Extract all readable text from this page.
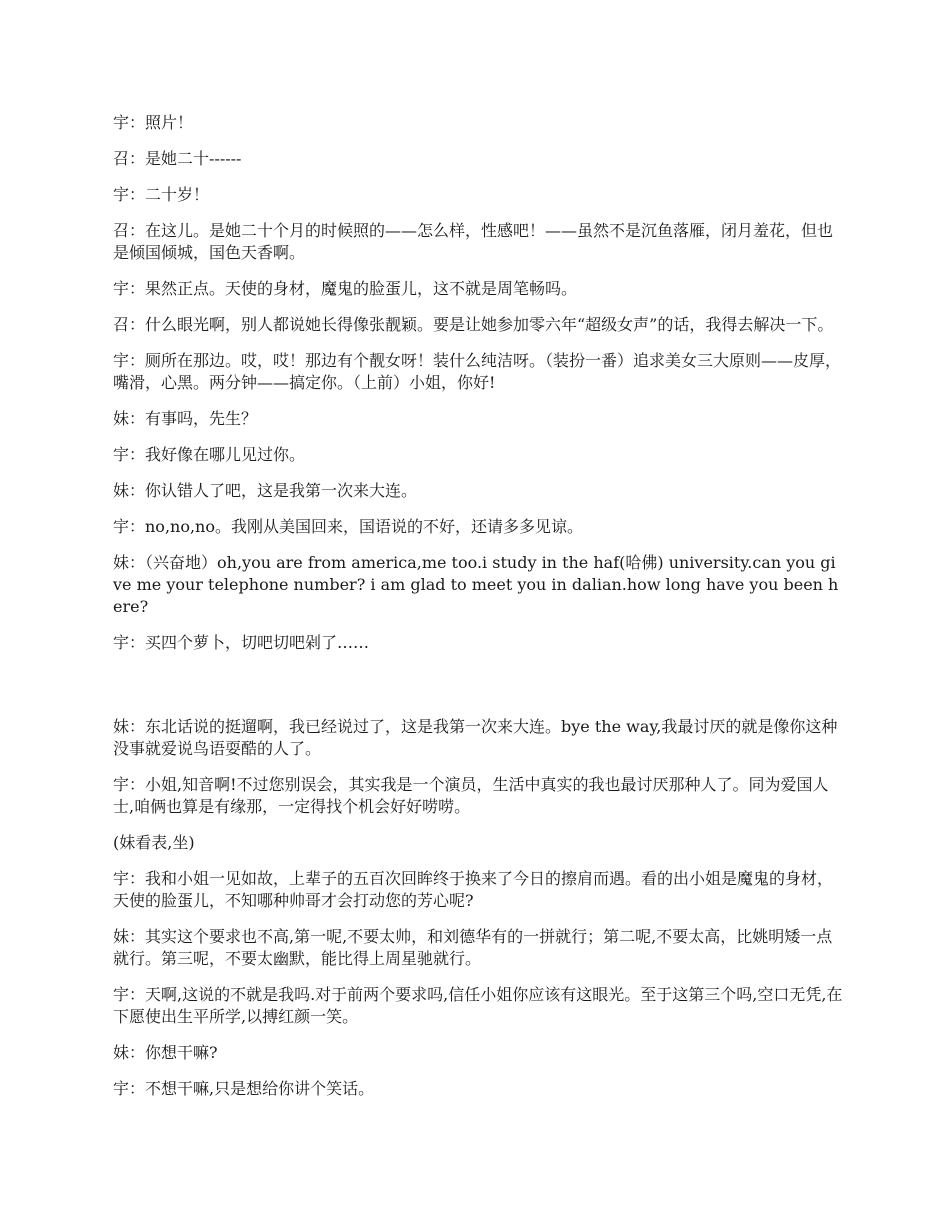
宇：照片！

召：是她二十------

宇：二十岁！

召：在这儿。是她二十个月的时候照的——怎么样，性感吧！——虽然不是沉鱼落雁，闭月羞花，但也是倾国倾城，国色天香啊。

宇：果然正点。天使的身材，魔鬼的脸蛋儿，这不就是周笔畅吗。

召：什么眼光啊，别人都说她长得像张靓颖。要是让她参加零六年“超级女声”的话，我得去解决一下。

宇：厕所在那边。哎，哎！那边有个靓女呀！装什么纯洁呀。（装扮一番）追求美女三大原则——皮厚，嘴滑，心黑。两分钟——搞定你。（上前）小姐，你好!

妹：有事吗，先生？

宇：我好像在哪儿见过你。

妹：你认错人了吧，这是我第一次来大连。

宇：no,no,no。我刚从美国回来，国语说的不好，还请多多见谅。

妹：（兴奋地）oh,you are from america,me too.i study in the haf(哈佛) university.can you give me your telephone number? i am glad to meet you in dalian.how long have you been here?

宇：买四个萝卜，切吧切吧剁了……

妹：东北话说的挺遛啊，我已经说过了，这是我第一次来大连。bye the way,我最讨厌的就是像你这种没事就爱说鸟语耍酷的人了。

宇：小姐,知音啊!不过您别误会，其实我是一个演员，生活中真实的我也最讨厌那种人了。同为爱国人士,咱俩也算是有缘那，一定得找个机会好好唠唠。

(妹看表,坐)

宇：我和小姐一见如故，上辈子的五百次回眸终于换来了今日的擦肩而遇。看的出小姐是魔鬼的身材，天使的脸蛋儿，不知哪种帅哥才会打动您的芳心呢?

妹：其实这个要求也不高,第一呢,不要太帅，和刘德华有的一拼就行；第二呢,不要太高，比姚明矮一点就行。第三呢，不要太幽默，能比得上周星驰就行。

宇：天啊,这说的不就是我吗.对于前两个要求吗,信任小姐你应该有这眼光。至于这第三个吗,空口无凭,在下愿使出生平所学,以搏红颜一笑。

妹：你想干嘛?

宇：不想干嘛,只是想给你讲个笑话。
